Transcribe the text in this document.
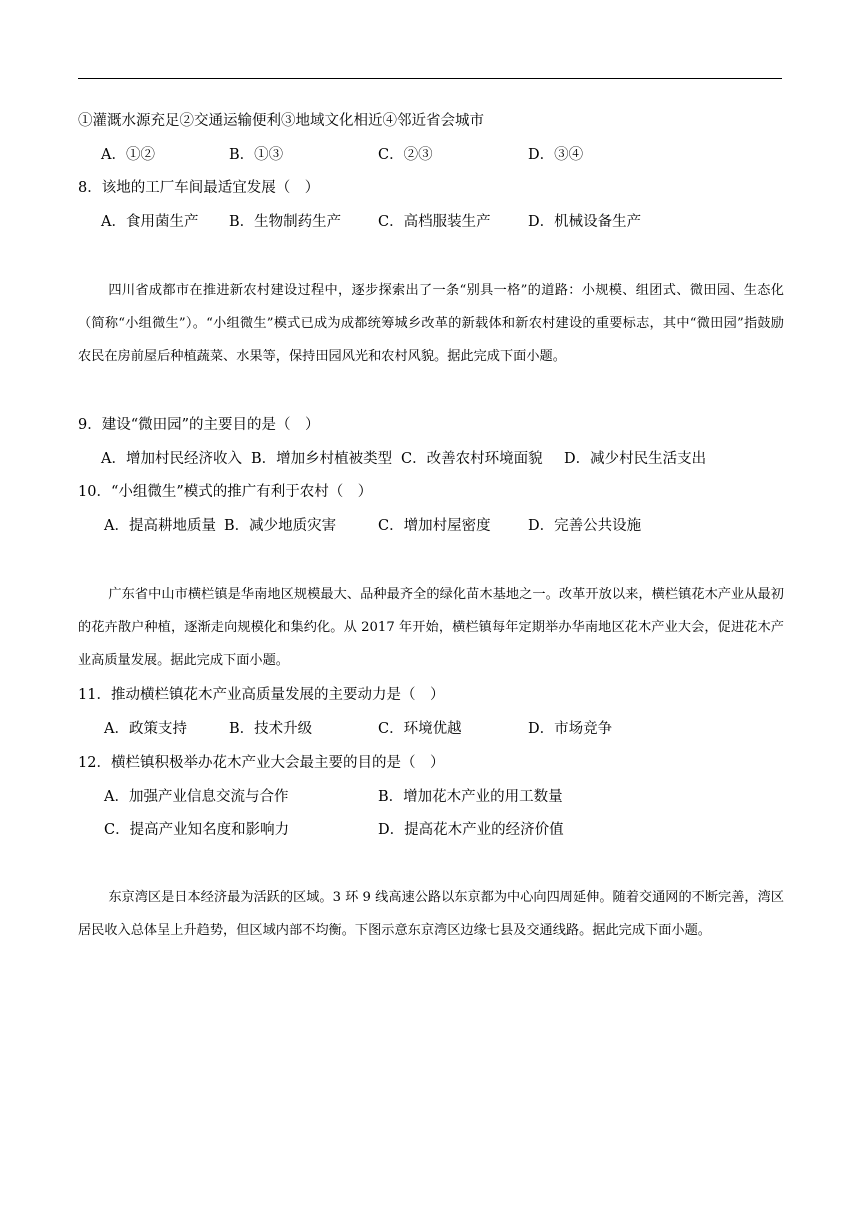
①灌溉水源充足②交通运输便利③地域文化相近④邻近省会城市
A．①②	B．①③	C．②③	D．③④
8．该地的工厂车间最适宜发展（　）
A．食用菌生产 B．生物制药生产	C．高档服装生产	D．机械设备生产

四川省成都市在推进新农村建设过程中，逐步探索出了一条“别具一格”的道路：小规模、组团式、微田园、生态化（简称“小组微生”）。“小组微生”模式已成为成都统筹城乡改革的新载体和新农村建设的重要标志，其中“微田园”指鼓励农民在房前屋后种植蔬菜、水果等，保持田园风光和农村风貌。据此完成下面小题。

9．建设“微田园”的主要目的是（　）
A．增加村民经济收入 B．增加乡村植被类型 C．改善农村环境面貌 D．减少村民生活支出
10．“小组微生”模式的推广有利于农村（　）
A．提高耕地质量 B．减少地质灾害	C．增加村屋密度	D．完善公共设施

广东省中山市横栏镇是华南地区规模最大、品种最齐全的绿化苗木基地之一。改革开放以来，横栏镇花木产业从最初的花卉散户种植，逐渐走向规模化和集约化。从 2017 年开始，横栏镇每年定期举办华南地区花木产业大会，促进花木产业高质量发展。据此完成下面小题。

11．推动横栏镇花木产业高质量发展的主要动力是（　）
A．政策支持	B．技术升级	C．环境优越	D．市场竞争
12．横栏镇积极举办花木产业大会最主要的目的是（　）
A．加强产业信息交流与合作	B．增加花木产业的用工数量
C．提高产业知名度和影响力	D．提高花木产业的经济价值

东京湾区是日本经济最为活跃的区域。3 环 9 线高速公路以东京都为中心向四周延伸。随着交通网的不断完善，湾区居民收入总体呈上升趋势，但区域内部不均衡。下图示意东京湾区边缘七县及交通线路。据此完成下面小题。
